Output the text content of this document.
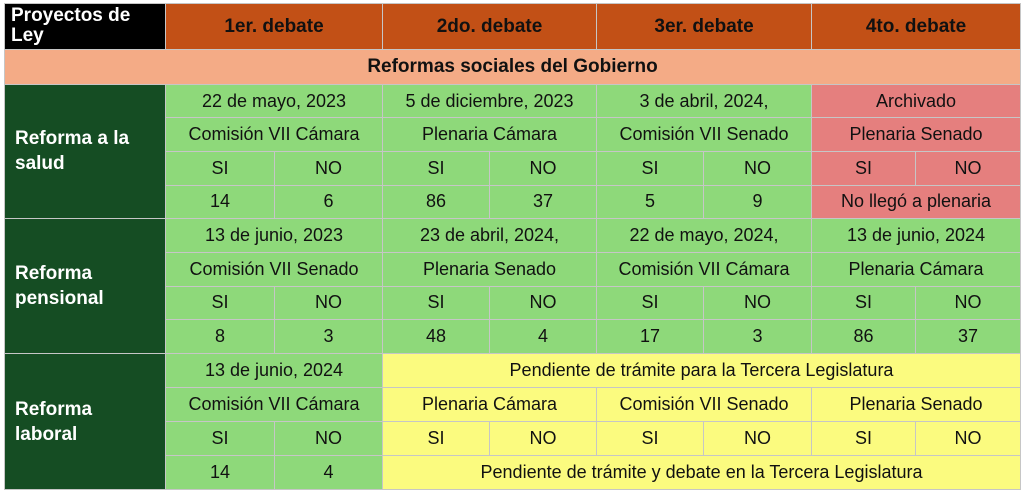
Proyectos de Ley	1er. debate		2do. debate		3er. debate		4to. debate	
Reformas sociales del Gobierno								
Reforma a la salud	22 de mayo, 2023		5 de diciembre, 2023		3 de abril, 2024,		Archivado	
	Comisión VII Cámara		Plenaria Cámara		Comisión VII Senado		Plenaria Senado	
	SI	NO	SI	NO	SI	NO	SI	NO
	14	6	86	37	5	9	No llegó a plenaria	
Reforma pensional	13 de junio, 2023		23 de abril, 2024,		22 de mayo, 2024,		13 de junio, 2024	
	Comisión VII Senado		Plenaria Senado		Comisión VII Cámara		Plenaria Cámara	
	SI	NO	SI	NO	SI	NO	SI	NO
	8	3	48	4	17	3	86	37
Reforma laboral	13 de junio, 2024		Pendiente de trámite para la Tercera Legislatura					
	Comisión VII Cámara		Plenaria Cámara		Comisión VII Senado		Plenaria Senado	
	SI	NO	SI	NO	SI	NO	SI	NO
	14	4	Pendiente de trámite y debate en la Tercera Legislatura					
